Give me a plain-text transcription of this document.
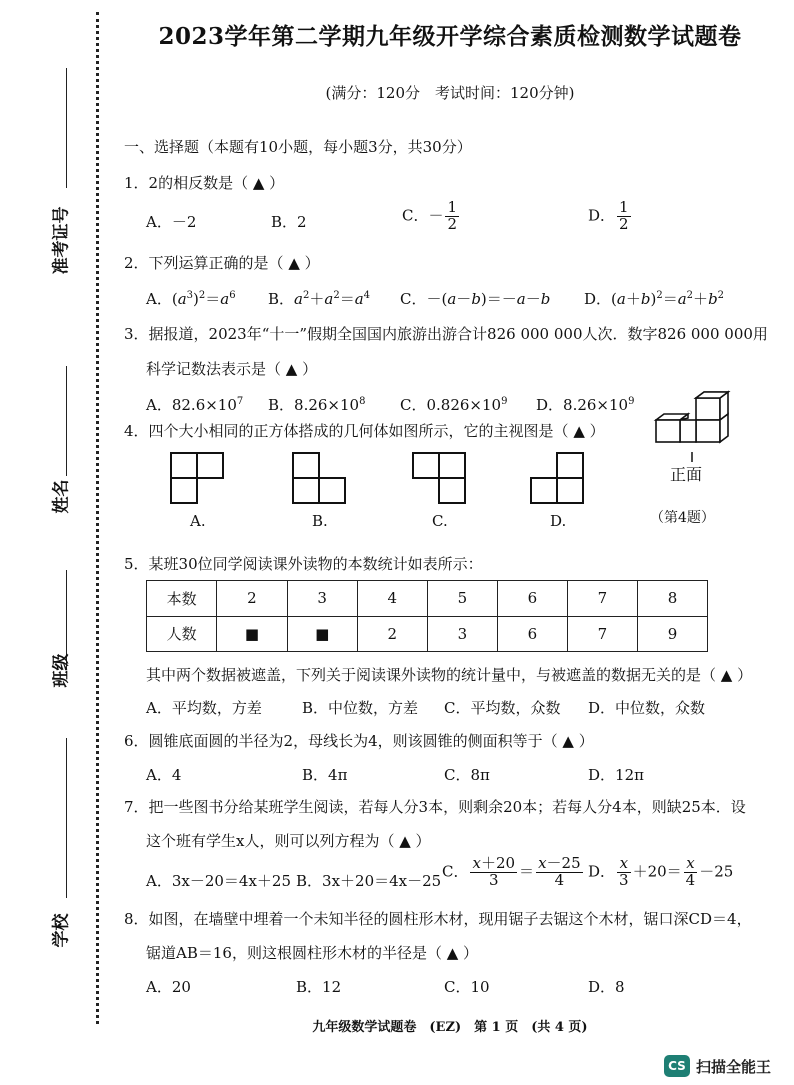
准考证号
姓名
班级
学校
2023学年第二学期九年级开学综合素质检测数学试题卷
(满分：120分　考试时间：120分钟)
一、选择题（本题有10小题，每小题3分，共30分）
1．2的相反数是（ ▲ ）
A．－2	B．2	C．－ $\frac{1}{2}$	D． $\frac{1}{2}$
2．下列运算正确的是（ ▲ ）
A．$(a^3)^2=a^6$ B．$a^2+a^2=a^4$ C．－(a－b)＝－a－b D．$(a+b)^2=a^2+b^2$
3．据报道，2023年“十一”假期全国国内旅游出游合计826 000 000人次．数字826 000 000用
科学记数法表示是（ ▲ ）
A．$82.6\times 10^7$ B．$8.26\times 10^8$ C．$0.826\times 10^9$ D．$8.26\times 10^9$
4．四个大小相同的正方体搭成的几何体如图所示，它的主视图是（ ▲ ）
A.	B.	C.	D.
正面
（第4题）
5．某班30位同学阅读课外读物的本数统计如表所示：
本数	2	3	4	5	6	7	8
人数	■	■	2	3	6	7	9
其中两个数据被遮盖，下列关于阅读课外读物的统计量中，与被遮盖的数据无关的是（ ▲ ）
A．平均数，方差	B．中位数，方差 C．平均数，众数 D．中位数，众数
6．圆锥底面圆的半径为2，母线长为4，则该圆锥的侧面积等于（ ▲ ）
A．4	B．4π	C．8π	D．12π
7．把一些图书分给某班学生阅读，若每人分3本，则剩余20本；若每人分4本，则缺25本．设
这个班有学生x人，则可以列方程为（ ▲ ）
A．3x－20＝4x＋25 B．3x＋20＝4x－25
C． $\frac{x+20}{3} = \frac{x-25}{4}$ D． $\frac{x}{3} +20= \frac{x}{4} -25$
8．如图，在墙壁中埋着一个未知半径的圆柱形木材，现用锯子去锯这个木材，锯口深CD＝4，
锯道AB＝16，则这根圆柱形木材的半径是（ ▲ ）
A．20	B．12	C．10	D．8
九年级数学试题卷　(EZ)　第 1 页　(共 4 页)
CS 扫描全能王
